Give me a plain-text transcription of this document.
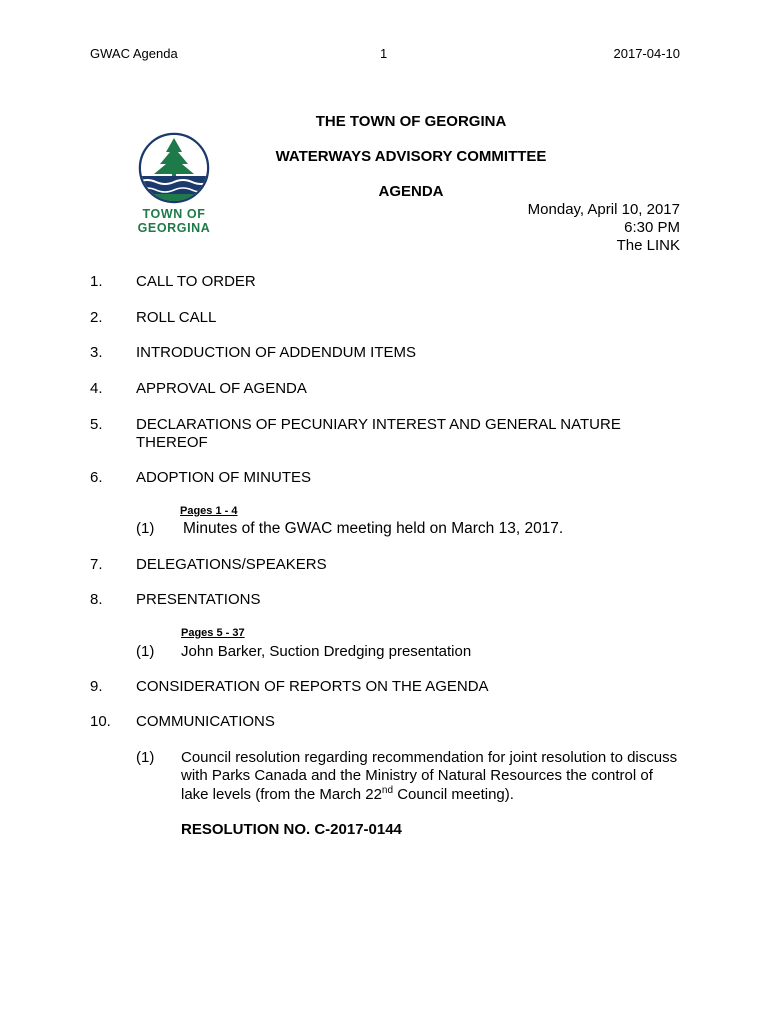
GWAC Agenda	1	2017-04-10
TOWN OF
GEORGINA
THE TOWN OF GEORGINA
WATERWAYS ADVISORY COMMITTEE
AGENDA
Monday, April 10, 2017
6:30 PM
The LINK
1. CALL TO ORDER
2. ROLL CALL
3. INTRODUCTION OF ADDENDUM ITEMS
4. APPROVAL OF AGENDA
5. DECLARATIONS OF PECUNIARY INTEREST AND GENERAL NATURE
THEREOF
6. ADOPTION OF MINUTES
Pages 1 - 4
(1) Minutes of the GWAC meeting held on March 13, 2017.
7. DELEGATIONS/SPEAKERS
8. PRESENTATIONS
Pages 5 - 37
(1) John Barker, Suction Dredging presentation
9. CONSIDERATION OF REPORTS ON THE AGENDA
10. COMMUNICATIONS
(1) Council resolution regarding recommendation for joint resolution to discuss
with Parks Canada and the Ministry of Natural Resources the control of
lake levels (from the March 22nd Council meeting).
RESOLUTION NO. C-2017-0144
